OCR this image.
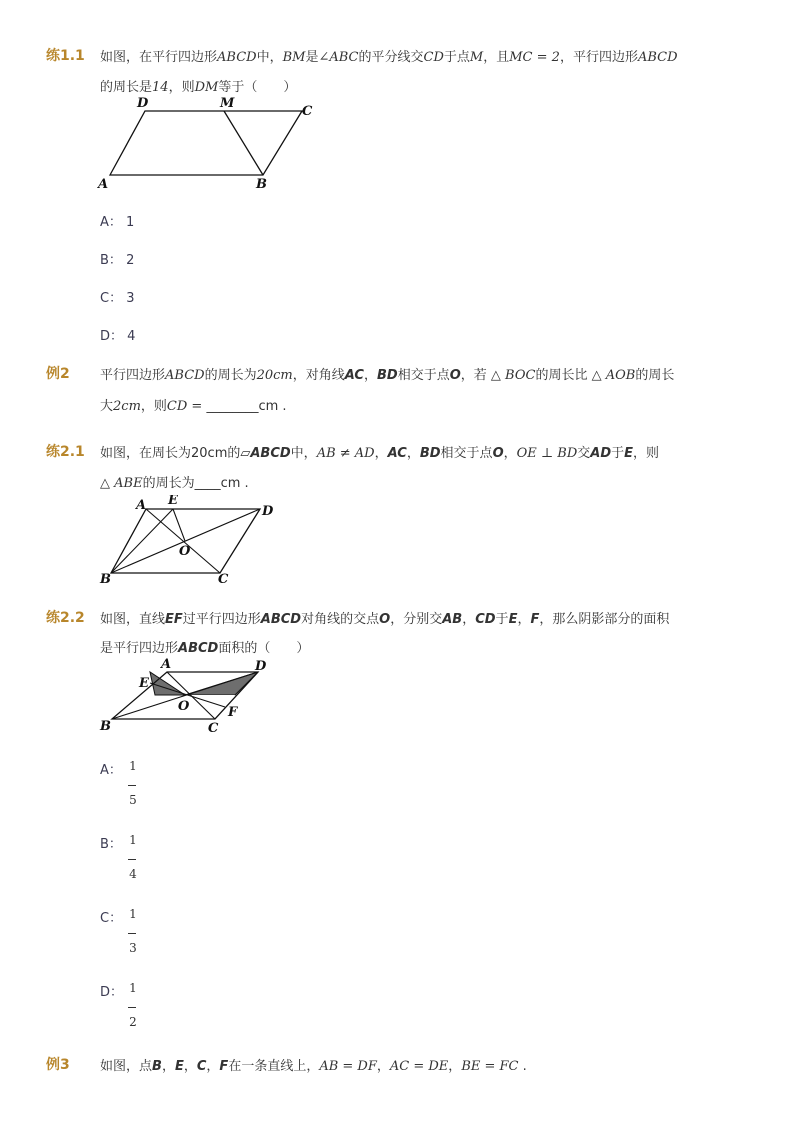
练1.1 如图，在平行四边形ABCD中，BM是∠ABC的平分线交CD于点M，且MC = 2，平行四边形ABCD
的周长是14，则DM等于（　　）
A	B
C
D	M
A： 1
B： 2
C： 3
D： 4
例2 平行四边形ABCD的周长为20cm，对角线AC，BD相交于点O，若 △ BOC的周长比 △ AOB的周长
大2cm，则CD = ________cm .
练2.1 如图，在周长为20cm的▱ABCD中，AB ≠ AD，AC，BD相交于点O，OE ⊥ BD交AD于E，则
△ ABE的周长为____cm .
A E
D
O
B	C
练2.2 如图，直线EF过平行四边形ABCD对角线的交点O，分别交AB，CD于E，F，那么阴影部分的面积
是平行四边形ABCD面积的（　　）
A	D
E
O	F
B	C
A： 1
5
B： 1
4
C： 1
3
D： 1
2
例3 如图，点B，E，C，F在一条直线上，AB = DF，AC = DE，BE = FC .
